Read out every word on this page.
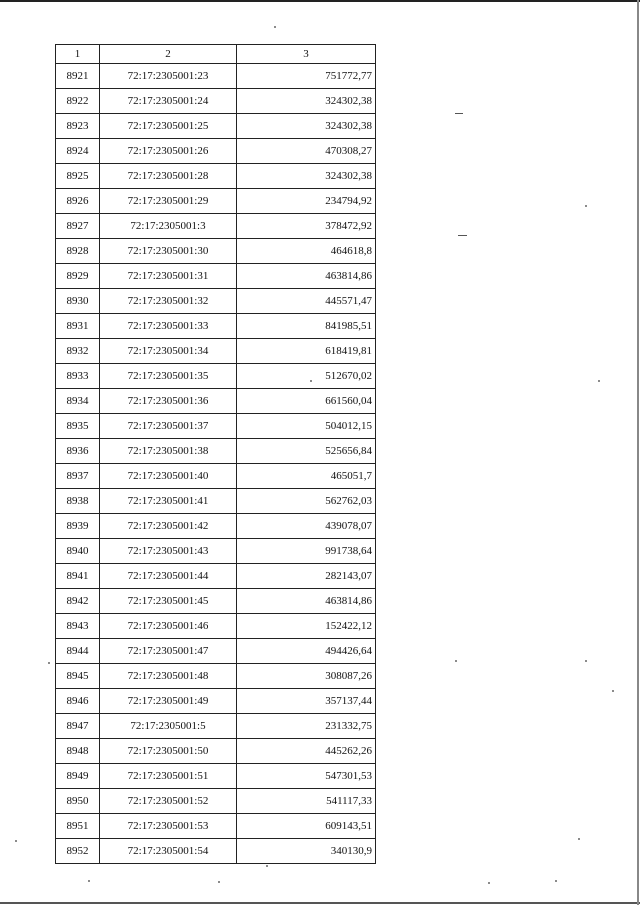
1	2	3
8921	72:17:2305001:23	751772,77
8922	72:17:2305001:24	324302,38
8923	72:17:2305001:25	324302,38
8924	72:17:2305001:26	470308,27
8925	72:17:2305001:28	324302,38
8926	72:17:2305001:29	234794,92
8927	72:17:2305001:3	378472,92
8928	72:17:2305001:30	464618,8
8929	72:17:2305001:31	463814,86
8930	72:17:2305001:32	445571,47
8931	72:17:2305001:33	841985,51
8932	72:17:2305001:34	618419,81
8933	72:17:2305001:35	512670,02
8934	72:17:2305001:36	661560,04
8935	72:17:2305001:37	504012,15
8936	72:17:2305001:38	525656,84
8937	72:17:2305001:40	465051,7
8938	72:17:2305001:41	562762,03
8939	72:17:2305001:42	439078,07
8940	72:17:2305001:43	991738,64
8941	72:17:2305001:44	282143,07
8942	72:17:2305001:45	463814,86
8943	72:17:2305001:46	152422,12
8944	72:17:2305001:47	494426,64
8945	72:17:2305001:48	308087,26
8946	72:17:2305001:49	357137,44
8947	72:17:2305001:5	231332,75
8948	72:17:2305001:50	445262,26
8949	72:17:2305001:51	547301,53
8950	72:17:2305001:52	541117,33
8951	72:17:2305001:53	609143,51
8952	72:17:2305001:54	340130,9
